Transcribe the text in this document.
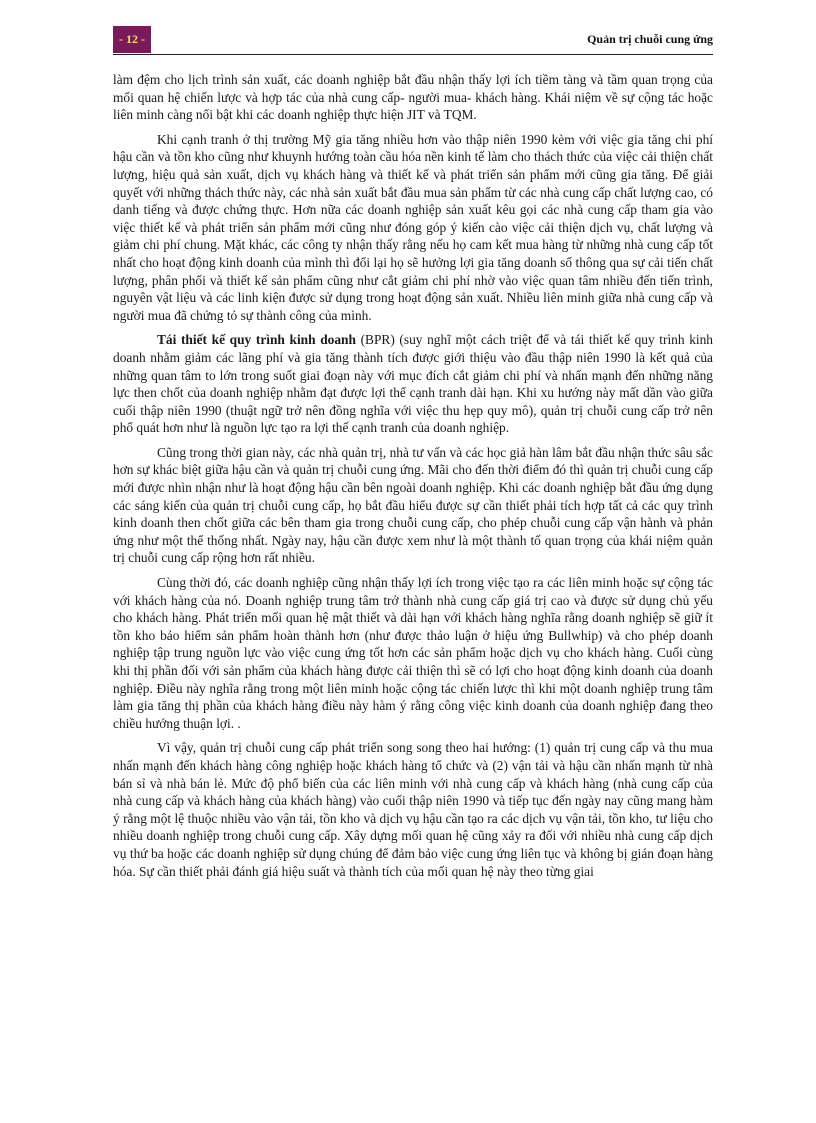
- 12 -	Quản trị chuỗi cung ứng

làm đệm cho lịch trình sản xuất, các doanh nghiệp bắt đầu nhận thấy lợi ích tiềm tàng và tầm quan trọng của mối quan hệ chiến lược và hợp tác của nhà cung cấp- người mua- khách hàng. Khái niệm về sự cộng tác hoặc liên minh càng nổi bật khi các doanh nghiệp thực hiện JIT và TQM.

Khi cạnh tranh ở thị trường Mỹ gia tăng nhiều hơn vào thập niên 1990 kèm với việc gia tăng chi phí hậu cần và tồn kho cũng như khuynh hướng toàn cầu hóa nền kinh tế làm cho thách thức của việc cải thiện chất lượng, hiệu quả sản xuất, dịch vụ khách hàng và thiết kế và phát triển sản phẩm mới cũng gia tăng. Để giải quyết với những thách thức này, các nhà sản xuất bắt đầu mua sản phẩm từ các nhà cung cấp chất lượng cao, có danh tiếng và được chứng thực. Hơn nữa các doanh nghiệp sản xuất kêu gọi các nhà cung cấp tham gia vào việc thiết kế và phát triển sản phẩm mới cũng như đóng góp ý kiến cào việc cải thiện dịch vụ, chất lượng và giảm chi phí chung. Mặt khác, các công ty nhận thấy rằng nếu họ cam kết mua hàng từ những nhà cung cấp tốt nhất cho hoạt động kinh doanh của mình thì đổi lại họ sẽ hưởng lợi gia tăng doanh số thông qua sự cải tiến chất lượng, phân phối và thiết kế sản phẩm cũng như cắt giảm chi phí nhờ vào việc quan tâm nhiều đến tiến trình, nguyên vật liệu và các linh kiện được sử dụng trong hoạt động sản xuất. Nhiều liên minh giữa nhà cung cấp và người mua đã chứng tỏ sự thành công của mình.

Tái thiết kế quy trình kinh doanh (BPR) (suy nghĩ một cách triệt để và tái thiết kế quy trình kinh doanh nhằm giảm các lãng phí và gia tăng thành tích được giới thiệu vào đầu thập niên 1990 là kết quả của những quan tâm to lớn trong suốt giai đoạn này với mục đích cắt giảm chi phí và nhấn mạnh đến những năng lực then chốt của doanh nghiệp nhằm đạt được lợi thế cạnh tranh dài hạn. Khi xu hướng này mất dần vào giữa cuối thập niên 1990 (thuật ngữ trở nên đồng nghĩa với việc thu hẹp quy mô), quản trị chuỗi cung cấp trở nên phổ quát hơn như là nguồn lực tạo ra lợi thế cạnh tranh của doanh nghiệp.

Cũng trong thời gian này, các nhà quản trị, nhà tư vấn và các học giả hàn lâm bắt đầu nhận thức sâu sắc hơn sự khác biệt giữa hậu cần và quản trị chuỗi cung ứng. Mãi cho đến thời điểm đó thì quản trị chuỗi cung cấp mới được nhìn nhận như là hoạt động hậu cần bên ngoài doanh nghiệp. Khi các doanh nghiệp bắt đầu ứng dụng các sáng kiến của quản trị chuỗi cung cấp, họ bắt đầu hiểu được sự cần thiết phải tích hợp tất cả các quy trình kinh doanh then chốt giữa các bên tham gia trong chuỗi cung cấp, cho phép chuỗi cung cấp vận hành và phản ứng như một thể thống nhất. Ngày nay, hậu cần được xem như là một thành tố quan trọng của khái niệm quản trị chuỗi cung cấp rộng hơn rất nhiều.

Cùng thời đó, các doanh nghiệp cũng nhận thấy lợi ích trong việc tạo ra các liên minh hoặc sự cộng tác với khách hàng của nó. Doanh nghiệp trung tâm trở thành nhà cung cấp giá trị cao và được sử dụng chủ yếu cho khách hàng. Phát triển mối quan hệ mật thiết và dài hạn với khách hàng nghĩa rằng doanh nghiệp sẽ giữ ít tồn kho bảo hiểm sản phẩm hoàn thành hơn (như được thảo luận ở hiệu ứng Bullwhip) và cho phép doanh nghiệp tập trung nguồn lực vào việc cung ứng tốt hơn các sản phẩm hoặc dịch vụ cho khách hàng. Cuối cùng khi thị phần đối với sản phẩm của khách hàng được cải thiện thì sẽ có lợi cho hoạt động kinh doanh của doanh nghiệp. Điều này nghĩa rằng trong một liên minh hoặc cộng tác chiến lược thì khi một doanh nghiệp trung tâm làm gia tăng thị phần của khách hàng điều này hàm ý rằng công việc kinh doanh của doanh nghiệp đang theo chiều hướng thuận lợi. .

Vì vậy, quản trị chuỗi cung cấp phát triển song song theo hai hướng: (1) quản trị cung cấp và thu mua nhấn mạnh đến khách hàng công nghiệp hoặc khách hàng tổ chức và (2) vận tải và hậu cần nhấn mạnh từ nhà bán sỉ và nhà bán lẻ. Mức độ phổ biến của các liên minh với nhà cung cấp và khách hàng (nhà cung cấp của nhà cung cấp và khách hàng của khách hàng) vào cuối thập niên 1990 và tiếp tục đến ngày nay cũng mang hàm ý rằng một lệ thuộc nhiều vào vận tải, tồn kho và dịch vụ hậu cần tạo ra các dịch vụ vận tải, tồn kho, tư liệu cho nhiều doanh nghiệp trong chuỗi cung cấp. Xây dựng mối quan hệ cũng xảy ra đối với nhiều nhà cung cấp dịch vụ thứ ba hoặc các doanh nghiệp sử dụng chúng để đảm bảo việc cung ứng liên tục và không bị gián đoạn hàng hóa. Sự cần thiết phải đánh giá hiệu suất và thành tích của mối quan hệ này theo từng giai
